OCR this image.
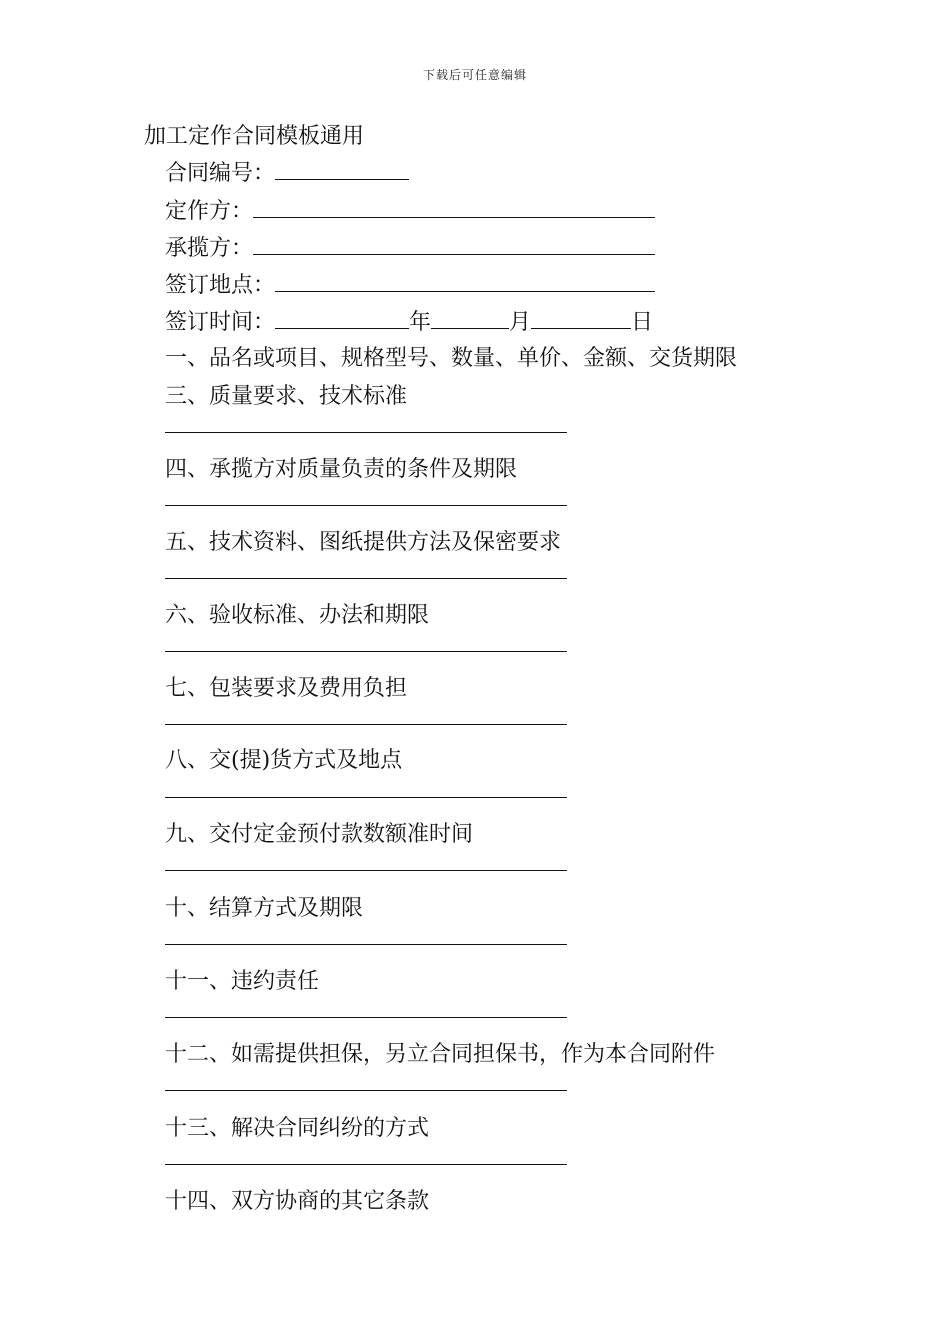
下载后可任意编辑
加工定作合同模板通用
合同编号：
定作方：
承揽方：
签订地点：
签订时间：	年	月	日
一、品名或项目、规格型号、数量、单价、金额、交货期限
三、质量要求、技术标准
四、承揽方对质量负责的条件及期限
五、技术资料、图纸提供方法及保密要求
六、验收标准、办法和期限
七、包装要求及费用负担
八、交(提)货方式及地点
九、交付定金预付款数额准时间
十、结算方式及期限
十一、违约责任
十二、如需提供担保，另立合同担保书，作为本合同附件
十三、解决合同纠纷的方式
十四、双方协商的其它条款
